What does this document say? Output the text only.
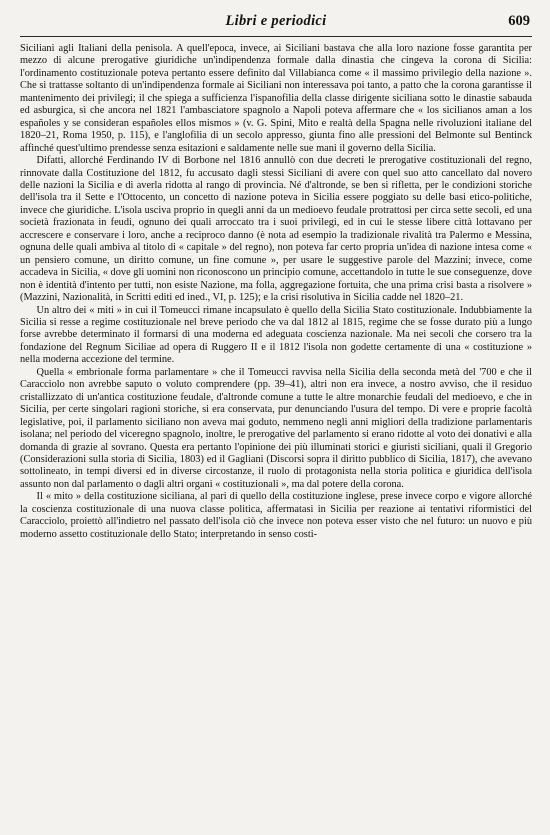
Libri e periodici	609

Siciliani agli Italiani della penisola. A quell'epoca, invece, ai Siciliani bastava che alla loro nazione fosse garantita per mezzo di alcune prerogative giuridiche un'indipendenza formale dalla dinastia che cingeva la corona di Sicilia: l'ordinamento costituzionale poteva pertanto essere definito dal Villabianca come « il massimo privilegio della nazione ». Che si trattasse soltanto di un'indipendenza formale ai Siciliani non interessava poi tanto, a patto che la corona garantisse il mantenimento dei privilegi; il che spiega a sufficienza l'ispanofilia della classe dirigente siciliana sotto le dinastie sabauda ed asburgica, sì che ancora nel 1821 l'ambasciatore spagnolo a Napoli poteva affermare che « los sicilianos aman a los españoles y se consideran españoles ellos mismos » (v. G. Spini, Mito e realtà della Spagna nelle rivoluzioni italiane del 1820–21, Roma 1950, p. 115), e l'anglofilia di un secolo appresso, giunta fino alle pressioni del Belmonte sul Bentinck affinché quest'ultimo prendesse senza esitazioni e saldamente nelle sue mani il governo della Sicilia.

Difatti, allorché Ferdinando IV di Borbone nel 1816 annullò con due decreti le prerogative costituzionali del regno, rinnovate dalla Costituzione del 1812, fu accusato dagli stessi Siciliani di avere con quel suo atto cancellato dal novero delle nazioni la Sicilia e di averla ridotta al rango di provincia. Né d'altronde, se ben si rifletta, per le condizioni storiche dell'isola tra il Sette e l'Ottocento, un concetto di nazione poteva in Sicilia essere poggiato su delle basi etico-politiche, invece che giuridiche. L'isola usciva proprio in quegli anni da un medioevo feudale protrattosi per circa sette secoli, ed una società frazionata in feudi, ognuno dei quali arroccato tra i suoi privilegi, ed in cui le stesse libere città lottavano per accrescere e conservare i loro, anche a reciproco danno (è nota ad esempio la tradizionale rivalità tra Palermo e Messina, ognuna delle quali ambiva al titolo di « capitale » del regno), non poteva far certo propria un'idea di nazione intesa come « un pensiero comune, un diritto comune, un fine comune », per usare le suggestive parole del Mazzini; invece, come accadeva in Sicilia, « dove gli uomini non riconoscono un principio comune, accettandolo in tutte le sue conseguenze, dove non è identità d'intento per tutti, non esiste Nazione, ma folla, aggregazione fortuita, che una prima crisi basta a risolvere » (Mazzini, Nazionalità, in Scritti editi ed ined., VI, p. 125); e la crisi risolutiva in Sicilia cadde nel 1820–21.

Un altro dei « miti » in cui il Tomeucci rimane incapsulato è quello della Sicilia Stato costituzionale. Indubbiamente la Sicilia si resse a regime costituzionale nel breve periodo che va dal 1812 al 1815, regime che se fosse durato più a lungo forse avrebbe determinato il formarsi di una moderna ed adeguata coscienza nazionale. Ma nei secoli che corsero tra la fondazione del Regnum Siciliae ad opera di Ruggero II e il 1812 l'isola non godette certamente di una « costituzione » nella moderna accezione del termine.

Quella « embrionale forma parlamentare » che il Tomeucci ravvisa nella Sicilia della seconda metà del '700 e che il Caracciolo non avrebbe saputo o voluto comprendere (pp. 39–41), altri non era invece, a nostro avviso, che il residuo cristallizzato di un'antica costituzione feudale, d'altronde comune a tutte le altre monarchie feudali del medioevo, e che in Sicilia, per certe singolari ragioni storiche, si era conservata, pur denunciando l'usura del tempo. Di vere e proprie facoltà legislative, poi, il parlamento siciliano non aveva mai goduto, nemmeno negli anni migliori della tradizione parlamentaris isolana; nel periodo del viceregno spagnolo, inoltre, le prerogative del parlamento si erano ridotte al voto dei donativi e alla domanda di grazie al sovrano. Questa era pertanto l'opinione dei più illuminati storici e giuristi siciliani, quali il Gregorio (Considerazioni sulla storia di Sicilia, 1803) ed il Gagliani (Discorsi sopra il diritto pubblico di Sicilia, 1817), che avevano sottolineato, in tempi diversi ed in diverse circostanze, il ruolo di protagonista nella storia politica e giuridica dell'isola assunto non dal parlamento o dagli altri organi « costituzionali », ma dal potere della corona.

Il « mito » della costituzione siciliana, al pari di quello della costituzione inglese, prese invece corpo e vigore allorché la coscienza costituzionale di una nuova classe politica, affermatasi in Sicilia per reazione ai tentativi riformistici del Caracciolo, proiettò all'indietro nel passato dell'isola ciò che invece non poteva esser visto che nel futuro: un nuovo e più moderno assetto costituzionale dello Stato; interpretando in senso costi-
